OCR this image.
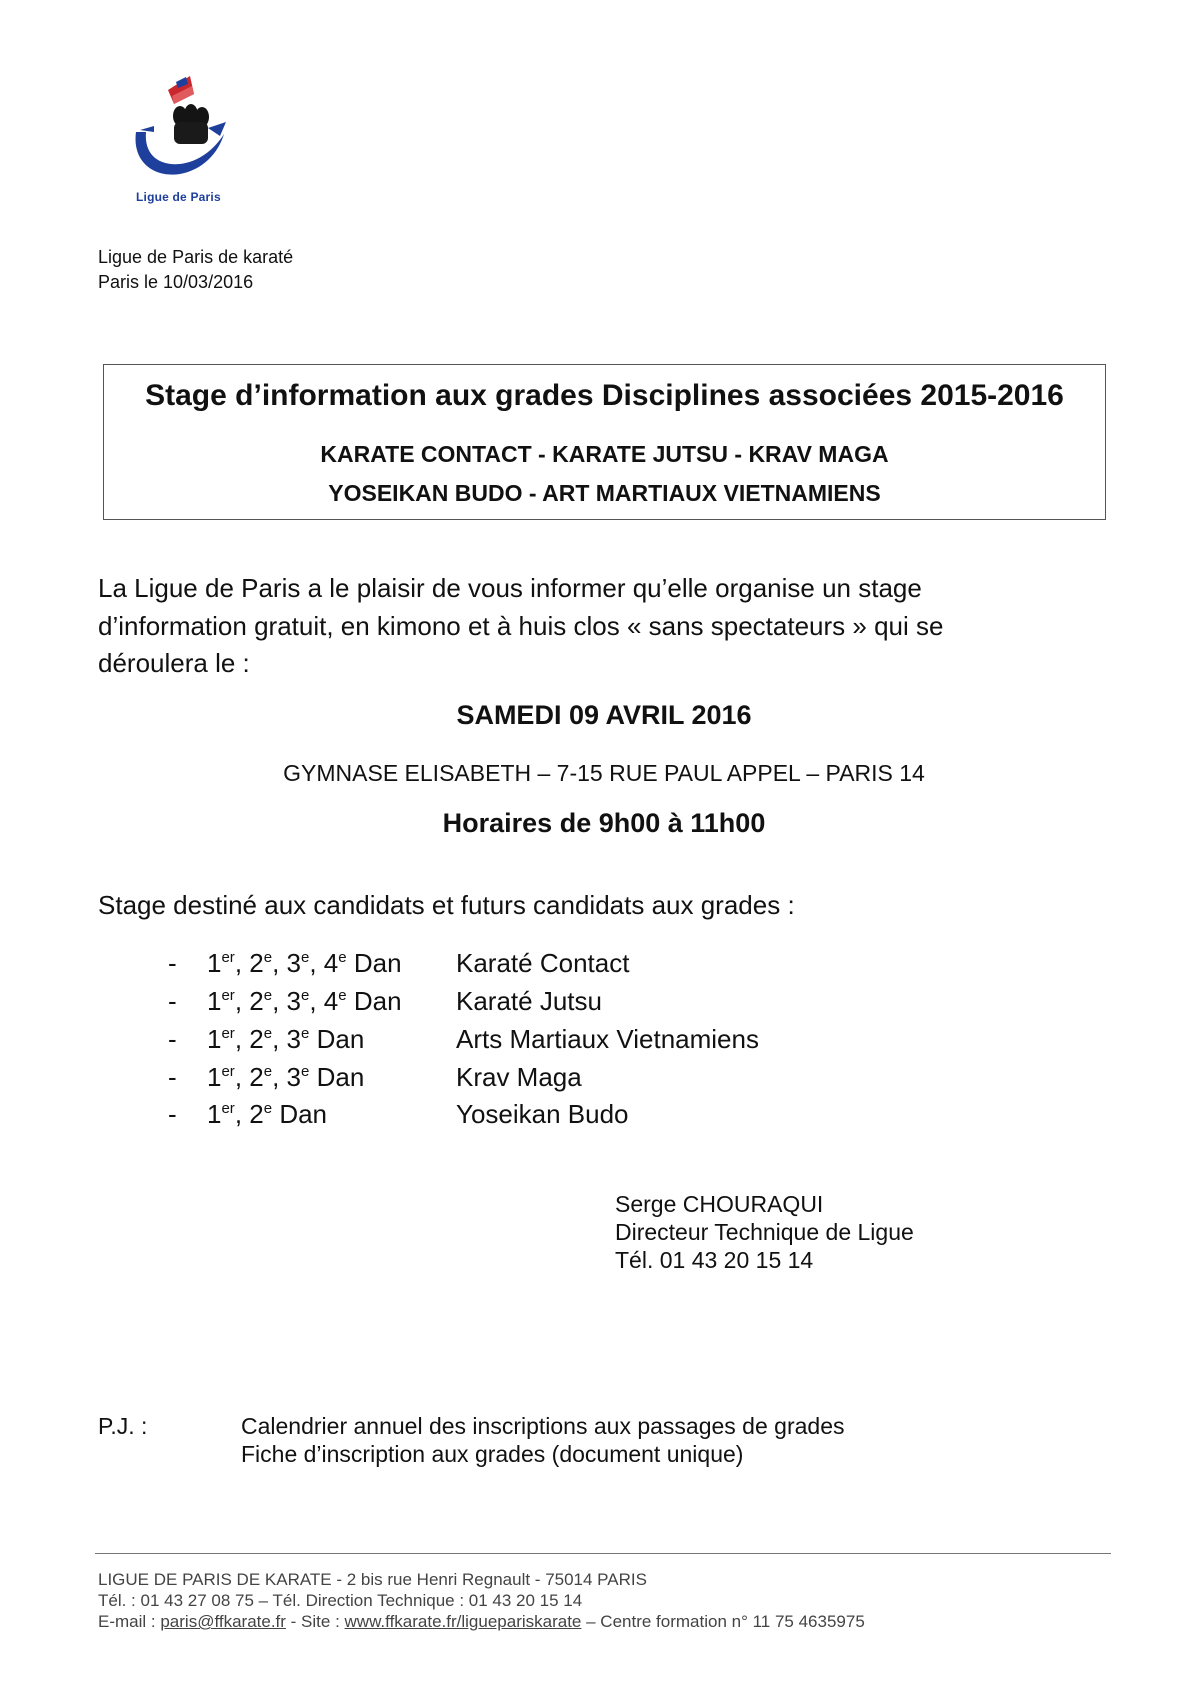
Ligue de Paris
Ligue de Paris de karaté
Paris le 10/03/2016
Stage d’information aux grades Disciplines associées 2015-2016
KARATE CONTACT - KARATE JUTSU - KRAV MAGA
YOSEIKAN BUDO - ART MARTIAUX VIETNAMIENS
La Ligue de Paris a le plaisir de vous informer qu’elle organise un stage
d’information gratuit, en kimono et à huis clos « sans spectateurs » qui se
déroulera le :
SAMEDI 09 AVRIL 2016
GYMNASE ELISABETH – 7-15 RUE PAUL APPEL – PARIS 14
Horaires de 9h00 à 11h00
Stage destiné aux candidats et futurs candidats aux grades :
- 1er, 2e, 3e, 4e Dan Karaté Contact
- 1er, 2e, 3e, 4e Dan Karaté Jutsu
- 1er, 2e, 3e Dan	Arts Martiaux Vietnamiens
- 1er, 2e, 3e Dan	Krav Maga
- 1er, 2e Dan	Yoseikan Budo
Serge CHOURAQUI
Directeur Technique de Ligue
Tél. 01 43 20 15 14
P.J. :	Calendrier annuel des inscriptions aux passages de grades
Fiche d’inscription aux grades (document unique)
LIGUE DE PARIS DE KARATE - 2 bis rue Henri Regnault - 75014 PARIS
Tél. : 01 43 27 08 75 – Tél. Direction Technique : 01 43 20 15 14
E-mail : paris@ffkarate.fr - Site : www.ffkarate.fr/liguepariskarate – Centre formation n° 11 75 4635975
